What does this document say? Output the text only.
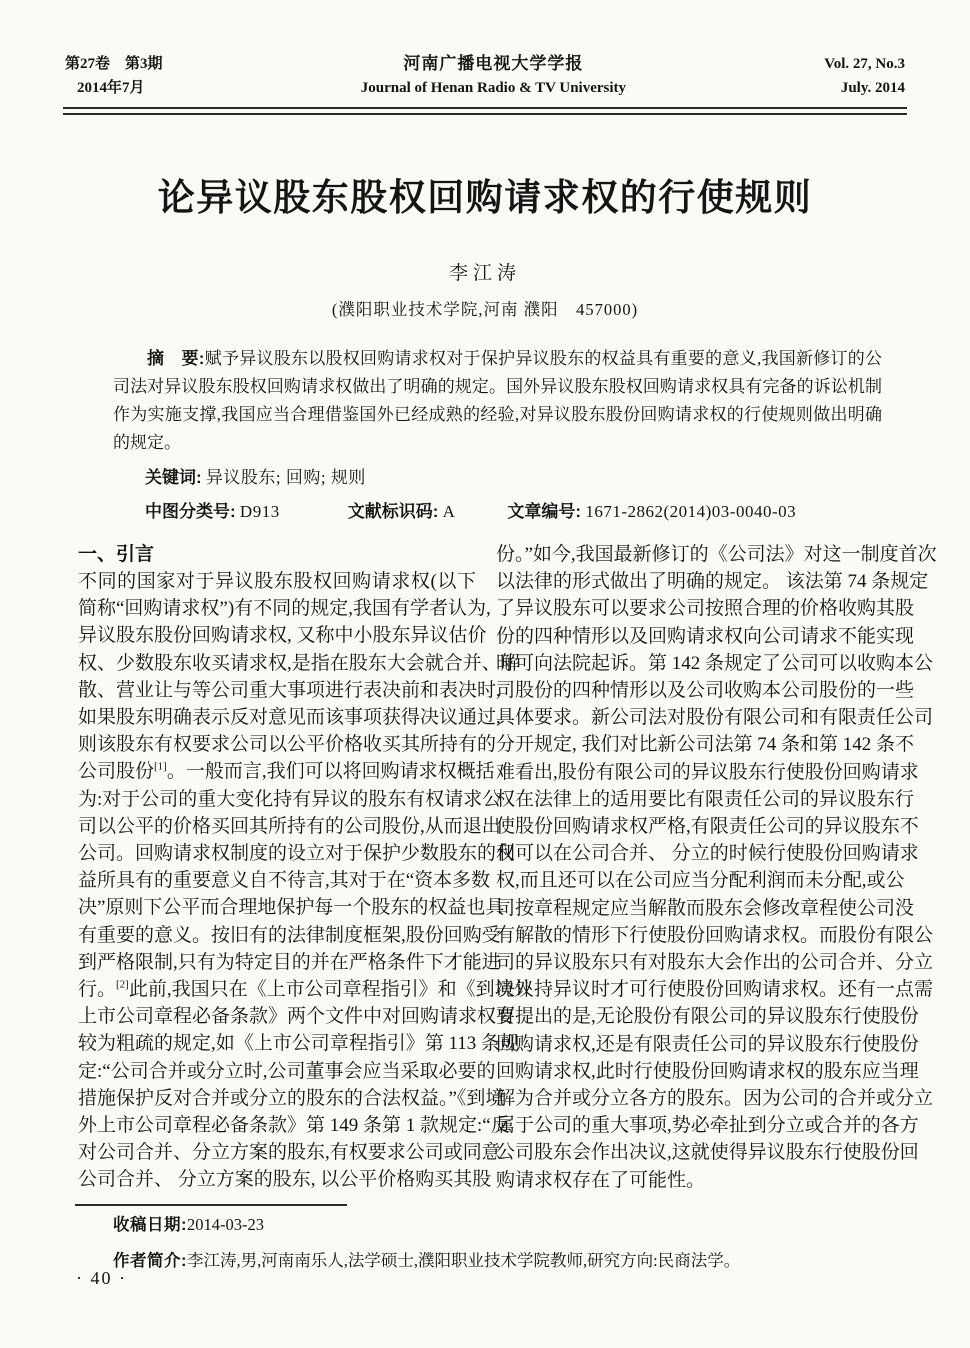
第27卷　第3期
2014年7月
河南广播电视大学学报
Journal of Henan Radio & TV University
Vol. 27, No.3
July. 2014
论异议股东股权回购请求权的行使规则
李江涛
(濮阳职业技术学院,河南 濮阳　457000)

摘　要:赋予异议股东以股权回购请求权对于保护异议股东的权益具有重要的意义,我国新修订的公司法对异议股东股权回购请求权做出了明确的规定。国外异议股东股权回购请求权具有完备的诉讼机制作为实施支撑,我国应当合理借鉴国外已经成熟的经验,对异议股东股份回购请求权的行使规则做出明确的规定。

关键词: 异议股东; 回购; 规则
中图分类号: D913	文献标识码: A	文章编号: 1671-2862(2014)03-0040-03
一、引言
不同的国家对于异议股东股权回购请求权(以下
简称“回购请求权”)有不同的规定,我国有学者认为,
异议股东股份回购请求权, 又称中小股东异议估价
权、少数股东收买请求权,是指在股东大会就合并、解
散、营业让与等公司重大事项进行表决前和表决时,
如果股东明确表示反对意见而该事项获得决议通过,
则该股东有权要求公司以公平价格收买其所持有的
公司股份[1]。一般而言,我们可以将回购请求权概括
为:对于公司的重大变化持有异议的股东有权请求公
司以公平的价格买回其所持有的公司股份,从而退出
公司。回购请求权制度的设立对于保护少数股东的利
益所具有的重要意义自不待言,其对于在“资本多数
决”原则下公平而合理地保护每一个股东的权益也具
有重要的意义。按旧有的法律制度框架,股份回购受
到严格限制,只有为特定目的并在严格条件下才能进
行。[2]此前,我国只在《上市公司章程指引》和《到境外
上市公司章程必备条款》两个文件中对回购请求权有
较为粗疏的规定,如《上市公司章程指引》第 113 条规
定:“公司合并或分立时,公司董事会应当采取必要的
措施保护反对合并或分立的股东的合法权益。”《到境
外上市公司章程必备条款》第 149 条第 1 款规定:“反
对公司合并、分立方案的股东,有权要求公司或同意
公司合并、 分立方案的股东, 以公平价格购买其股
份。”如今,我国最新修订的《公司法》对这一制度首次
以法律的形式做出了明确的规定。 该法第 74 条规定
了异议股东可以要求公司按照合理的价格收购其股
份的四种情形以及回购请求权向公司请求不能实现
时可向法院起诉。第 142 条规定了公司可以收购本公
司股份的四种情形以及公司收购本公司股份的一些
具体要求。新公司法对股份有限公司和有限责任公司
分开规定, 我们对比新公司法第 74 条和第 142 条不
难看出,股份有限公司的异议股东行使股份回购请求
权在法律上的适用要比有限责任公司的异议股东行
使股份回购请求权严格,有限责任公司的异议股东不
仅可以在公司合并、 分立的时候行使股份回购请求
权,而且还可以在公司应当分配利润而未分配,或公
司按章程规定应当解散而股东会修改章程使公司没
有解散的情形下行使股份回购请求权。而股份有限公
司的异议股东只有对股东大会作出的公司合并、分立
决议持异议时才可行使股份回购请求权。还有一点需
要提出的是,无论股份有限公司的异议股东行使股份
回购请求权,还是有限责任公司的异议股东行使股份
回购请求权,此时行使股份回购请求权的股东应当理
解为合并或分立各方的股东。因为公司的合并或分立
属于公司的重大事项,势必牵扯到分立或合并的各方
公司股东会作出决议,这就使得异议股东行使股份回
购请求权存在了可能性。
收稿日期:2014-03-23
作者简介:李江涛,男,河南南乐人,法学硕士,濮阳职业技术学院教师,研究方向:民商法学。
· 40 ·
